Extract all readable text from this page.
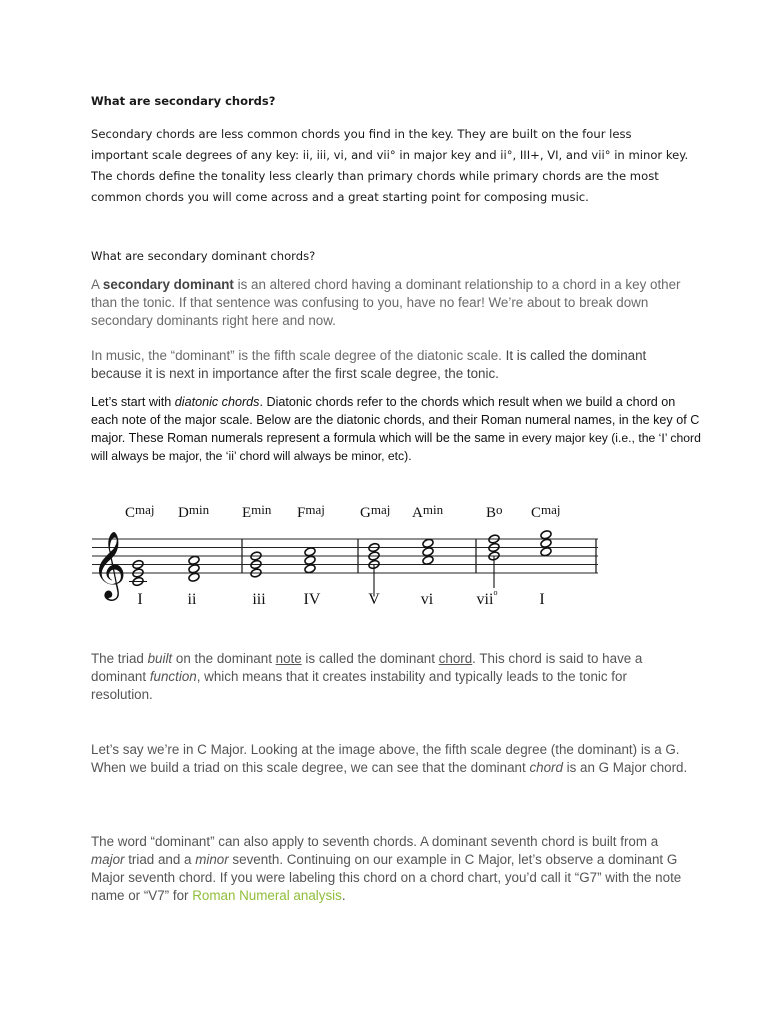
What are secondary chords?

Secondary chords are less common chords you find in the key. They are built on the four less important scale degrees of any key: ii, iii, vi, and vii° in major key and ii°, III+, VI, and vii° in minor key. The chords define the tonality less clearly than primary chords while primary chords are the most common chords you will come across and a great starting point for composing music.

What are secondary dominant chords?

A secondary dominant is an altered chord having a dominant relationship to a chord in a key other than the tonic. If that sentence was confusing to you, have no fear! We’re about to break down secondary dominants right here and now.

In music, the “dominant” is the fifth scale degree of the diatonic scale. It is called the dominant because it is next in importance after the first scale degree, the tonic.

Let’s start with diatonic chords. Diatonic chords refer to the chords which result when we build a chord on each note of the major scale. Below are the diatonic chords, and their Roman numeral names, in the key of C major. These Roman numerals represent a formula which will be the same in every major key (i.e., the ‘I’ chord will always be major, the ‘ii’ chord will always be minor, etc).

𝄞
Cmaj Dmin Emin Fmaj Gmaj Amin	Bo Cmaj
I	ii	iii IV	V	vi	vii$^o$	I

The triad built on the dominant note is called the dominant chord. This chord is said to have a dominant function, which means that it creates instability and typically leads to the tonic for resolution.

Let’s say we’re in C Major. Looking at the image above, the fifth scale degree (the dominant) is a G. When we build a triad on this scale degree, we can see that the dominant chord is an G Major chord.

The word “dominant” can also apply to seventh chords. A dominant seventh chord is built from a major triad and a minor seventh. Continuing on our example in C Major, let’s observe a dominant G Major seventh chord. If you were labeling this chord on a chord chart, you’d call it “G7” with the note name or “V7” for Roman Numeral analysis.
